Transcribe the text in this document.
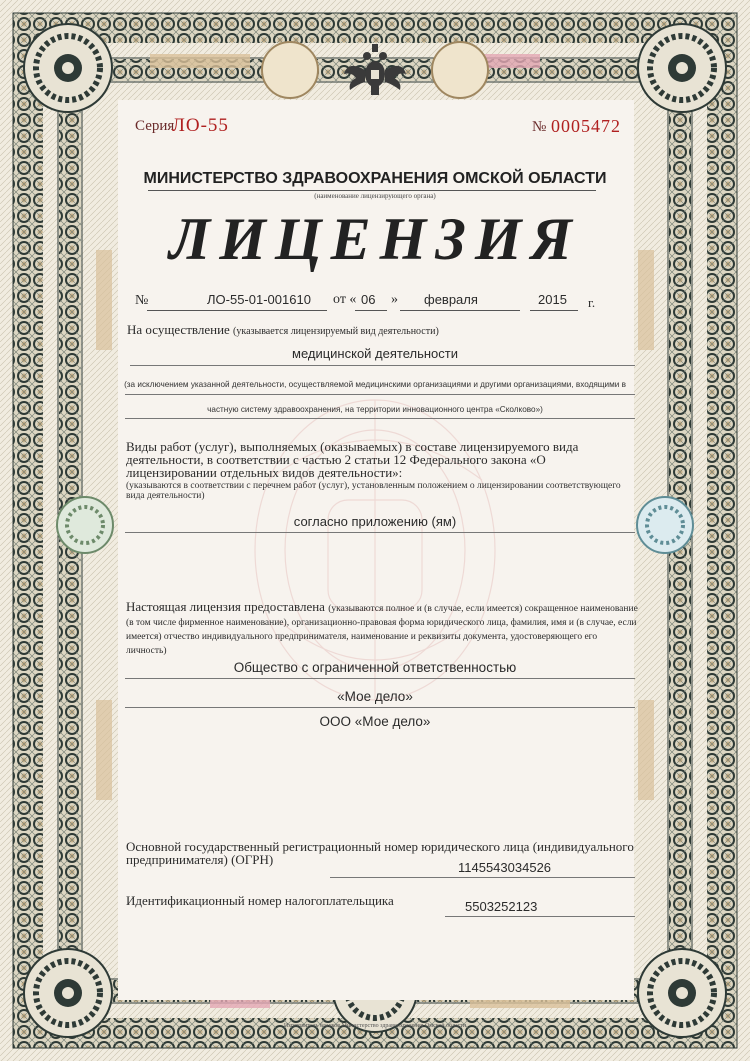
Серия
ЛО-55	№ 0005472
МИНИСТЕРСТВО ЗДРАВООХРАНЕНИЯ ОМСКОЙ ОБЛАСТИ
(наименование лицензирующего органа)
ЛИЦЕНЗИЯ
№	ЛО-55-01-001610 от « 06 » февраля	2015 г.
На осуществление (указывается лицензируемый вид деятельности)
медицинской деятельности
(за исключением указанной деятельности, осуществляемой медицинскими организациями и другими организациями, входящими в
частную систему здравоохранения, на территории инновационного центра «Сколково»)
Виды работ (услуг), выполняемых (оказываемых) в составе лицензируемого вида деятельности, в соответствии с частью 2 статьи 12 Федерального закона «О лицензировании отдельных видов деятельности»:
(указываются в соответствии с перечнем работ (услуг), установленным положением о лицензировании соответствующего вида деятельности)
согласно приложению (ям)
Настоящая лицензия предоставлена (указываются полное и (в случае, если имеется) сокращенное наименование (в том числе фирменное наименование), организационно-правовая форма юридического лица, фамилия, имя и (в случае, если имеется) отчество индивидуального предпринимателя, наименование и реквизиты документа, удостоверяющего его личность)
Общество с ограниченной ответственностью
«Мое дело»
ООО «Мое дело»
Основной государственный регистрационный номер юридического лица (индивидуального предпринимателя) (ОГРН)
1145543034526
Идентификационный номер налогоплательщика	5503252123
Изготовитель бланков Министерство здравоохранения Омской области
